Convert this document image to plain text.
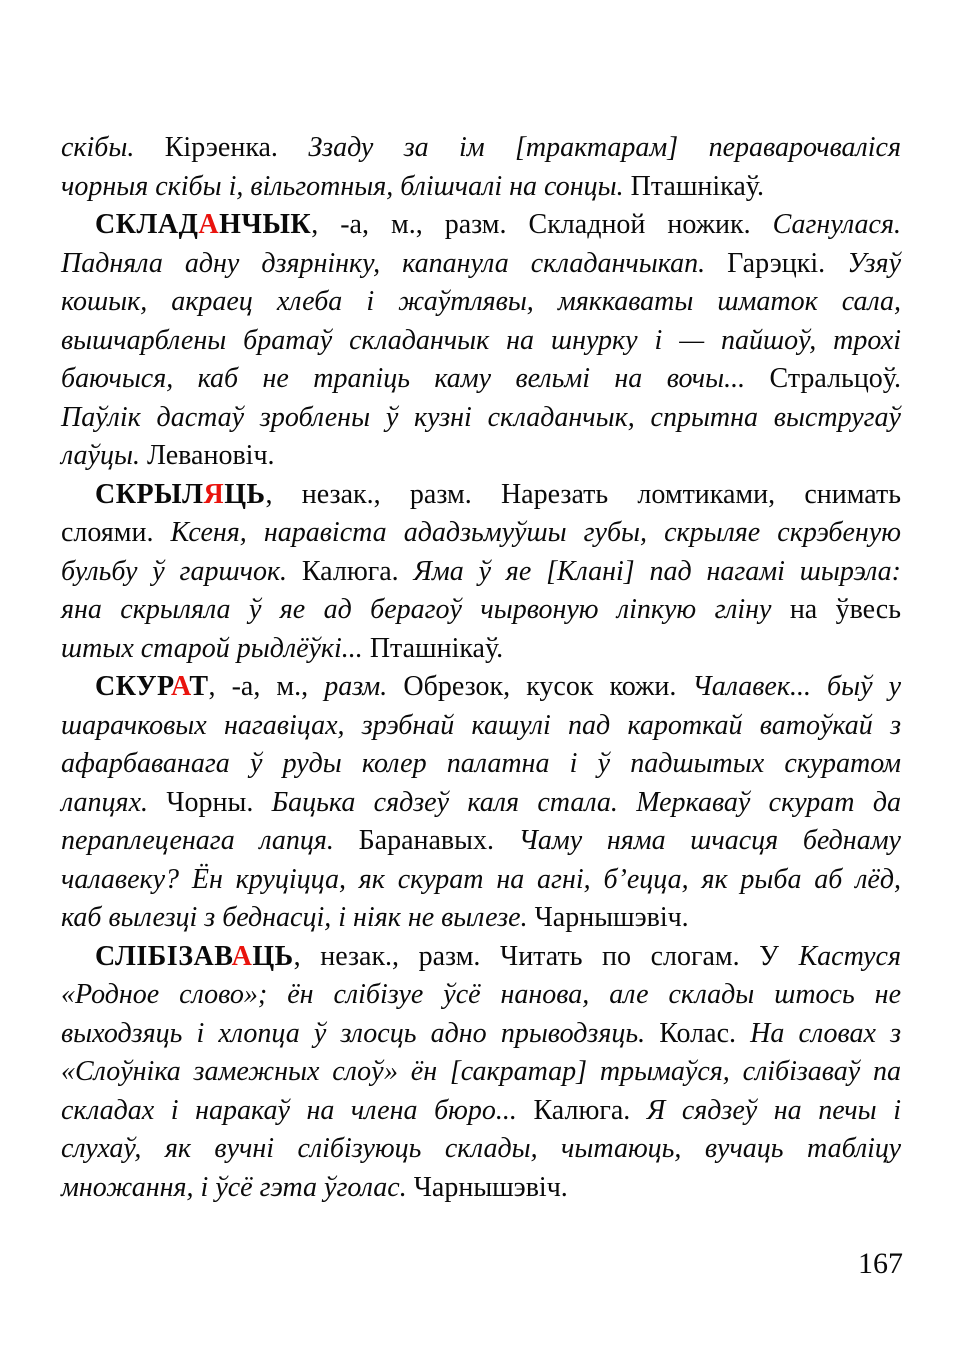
скібы. Кірэенка. Ззаду за ім [трактарам] пераварочваліся
чорныя скібы і, вільготныя, блішчалі на сонцы. Пташнікаў.
СКЛАДАНЧЫК, -а, м., разм. Складной ножик. Сагнулася.
Падняла адну дзярнінку, капанула складанчыкап. Гарэцкі. Узяў
кошык, акраец хлеба і жаўтлявы, мяккаваты шматок сала,
вышчарблены братаў складанчык на шнурку і — пайшоў, трохі
баючыся, каб не трапіць каму вельмі на вочы... Стральцоў.
Паўлік дастаў зроблены ў кузні складанчык, спрытна выстругаў
лаўцы. Левановіч.
СКРЫЛЯЦЬ, незак., разм. Нарезать ломтиками, снимать
слоями. Ксеня, наравіста ададзьмуўшы губы, скрыляе скрэбеную
бульбу ў гаршчок. Калюга. Яма ў яе [Клані] пад нагамі шырэла:
яна скрыляла ў яе ад берагоў чырвоную ліпкую гліну на ўвесь
штых старой рыдлёўкі... Пташнікаў.
СКУРАТ, -а, м., разм. Обрезок, кусок кожи. Чалавек... быў у
шарачковых нагавіцах, зрэбнай кашулі пад кароткай ватоўкай з
афарбаванага ў руды колер палатна і ў падшытых скуратом
лапцях. Чорны. Бацька сядзеў каля стала. Меркаваў скурат да
пераплеценага лапця. Баранавых. Чаму няма шчасця беднаму
чалавеку? Ён круціцца, як скурат на агні, б’ецца, як рыба аб лёд,
каб вылезці з беднасці, і ніяк не вылезе. Чарнышэвіч.
СЛІБІЗАВАЦЬ, незак., разм. Читать по слогам. У Кастуся
«Родное слово»; ён слібізуе ўсё нанова, але склады штось не
выходзяць і хлопца ў злосць адно прыводзяць. Колас. На словах з
«Слоўніка замежных слоў» ён [сакратар] трымаўся, слібізаваў па
складах і наракаў на члена бюро... Калюга. Я сядзеў на печы і
слухаў, як вучні слібізуюць склады, чытаюць, вучаць табліцу
множання, і ўсё гэта ўголас. Чарнышэвіч.
167
